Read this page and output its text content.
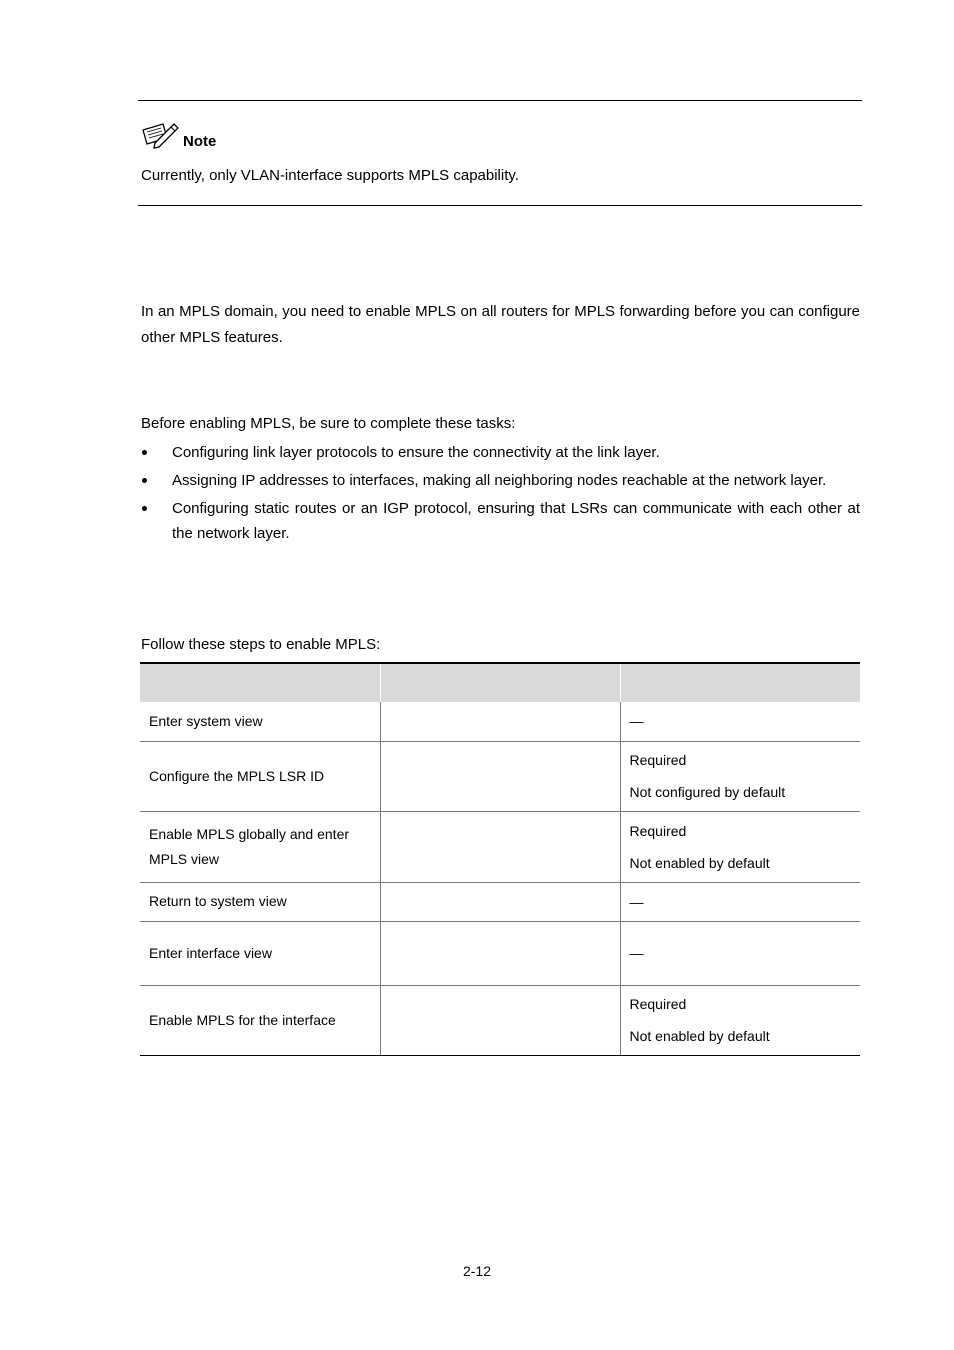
Note
Currently, only VLAN-interface supports MPLS capability.

In an MPLS domain, you need to enable MPLS on all routers for MPLS forwarding before you can configure other MPLS features.

Before enabling MPLS, be sure to complete these tasks:

Configuring link layer protocols to ensure the connectivity at the link layer.
Assigning IP addresses to interfaces, making all neighboring nodes reachable at the network layer.
Configuring static routes or an IGP protocol, ensuring that LSRs can communicate with each other at the network layer.

Follow these steps to enable MPLS:

Enter system view		—

Configure the MPLS LSR ID		Required

Not configured by default

Enable MPLS globally and enter MPLS view		Required

Not enabled by default

Return to system view		—

Enter interface view		—

Enable MPLS for the interface		Required

Not enabled by default

2-12
